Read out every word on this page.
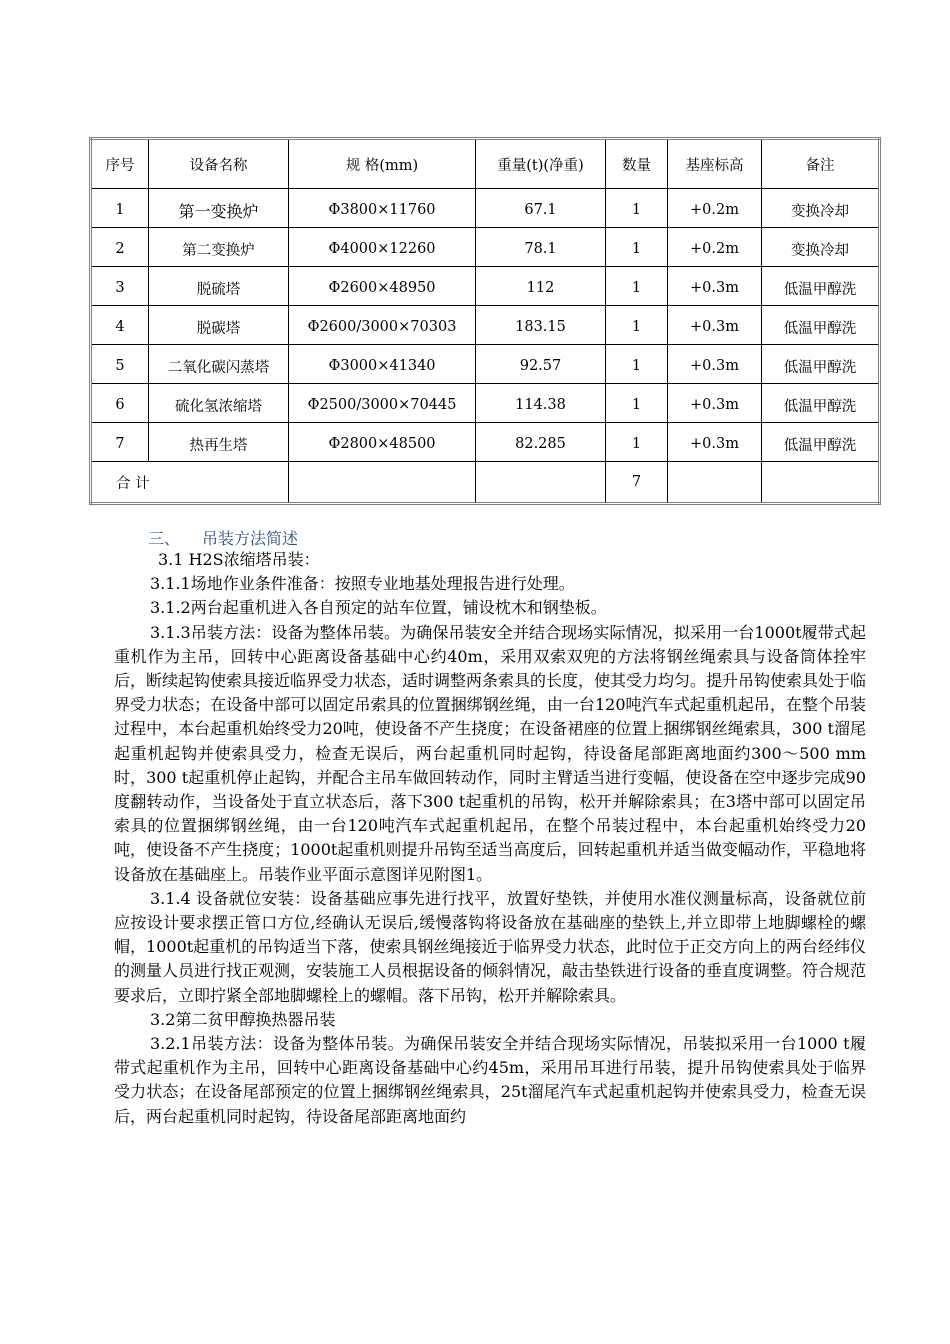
序号	设备名称	规 格(mm)	重量(t)(净重)	数量	基座标高	备注
1	第一变换炉	Φ3800×11760	67.1	1	+0.2m	变换冷却
2	第二变换炉	Φ4000×12260	78.1	1	+0.2m	变换冷却
3	脱硫塔	Φ2600×48950	112	1	+0.3m	低温甲醇洗
4	脱碳塔	Φ2600/3000×70303	183.15	1	+0.3m	低温甲醇洗
5	二氧化碳闪蒸塔	Φ3000×41340	92.57	1	+0.3m	低温甲醇洗
6	硫化氢浓缩塔	Φ2500/3000×70445	114.38	1	+0.3m	低温甲醇洗
7	热再生塔	Φ2800×48500	82.285	1	+0.3m	低温甲醇洗
合 计				7		
三、 吊装方法简述

3.1 H2S浓缩塔吊装：

3.1.1场地作业条件准备：按照专业地基处理报告进行处理。

3.1.2两台起重机进入各自预定的站车位置，铺设枕木和钢垫板。

3.1.3吊装方法：设备为整体吊装。为确保吊装安全并结合现场实际情况，拟采用一台1000t履带式起重机作为主吊，回转中心距离设备基础中心约40m，采用双索双兜的方法将钢丝绳索具与设备筒体拴牢后，断续起钩使索具接近临界受力状态，适时调整两条索具的长度，使其受力均匀。提升吊钩使索具处于临界受力状态；在设备中部可以固定吊索具的位置捆绑钢丝绳，由一台120吨汽车式起重机起吊，在整个吊装过程中，本台起重机始终受力20吨，使设备不产生挠度；在设备裙座的位置上捆绑钢丝绳索具，300 t溜尾起重机起钩并使索具受力，检查无误后，两台起重机同时起钩，待设备尾部距离地面约300～500 mm时，300 t起重机停止起钩，并配合主吊车做回转动作，同时主臂适当进行变幅，使设备在空中逐步完成90度翻转动作，当设备处于直立状态后，落下300 t起重机的吊钩，松开并解除索具；在3塔中部可以固定吊索具的位置捆绑钢丝绳，由一台120吨汽车式起重机起吊，在整个吊装过程中，本台起重机始终受力20吨，使设备不产生挠度；1000t起重机则提升吊钩至适当高度后，回转起重机并适当做变幅动作，平稳地将设备放在基础座上。吊装作业平面示意图详见附图1。

3.1.4 设备就位安装：设备基础应事先进行找平，放置好垫铁，并使用水准仪测量标高，设备就位前应按设计要求摆正管口方位,经确认无误后,缓慢落钩将设备放在基础座的垫铁上,并立即带上地脚螺栓的螺帽，1000t起重机的吊钩适当下落，使索具钢丝绳接近于临界受力状态，此时位于正交方向上的两台经纬仪的测量人员进行找正观测，安装施工人员根据设备的倾斜情况，敲击垫铁进行设备的垂直度调整。符合规范要求后，立即拧紧全部地脚螺栓上的螺帽。落下吊钩，松开并解除索具。

3.2第二贫甲醇换热器吊装

3.2.1吊装方法：设备为整体吊装。为确保吊装安全并结合现场实际情况，吊装拟采用一台1000 t履带式起重机作为主吊，回转中心距离设备基础中心约45m，采用吊耳进行吊装，提升吊钩使索具处于临界受力状态；在设备尾部预定的位置上捆绑钢丝绳索具，25t溜尾汽车式起重机起钩并使索具受力，检查无误后，两台起重机同时起钩，待设备尾部距离地面约
